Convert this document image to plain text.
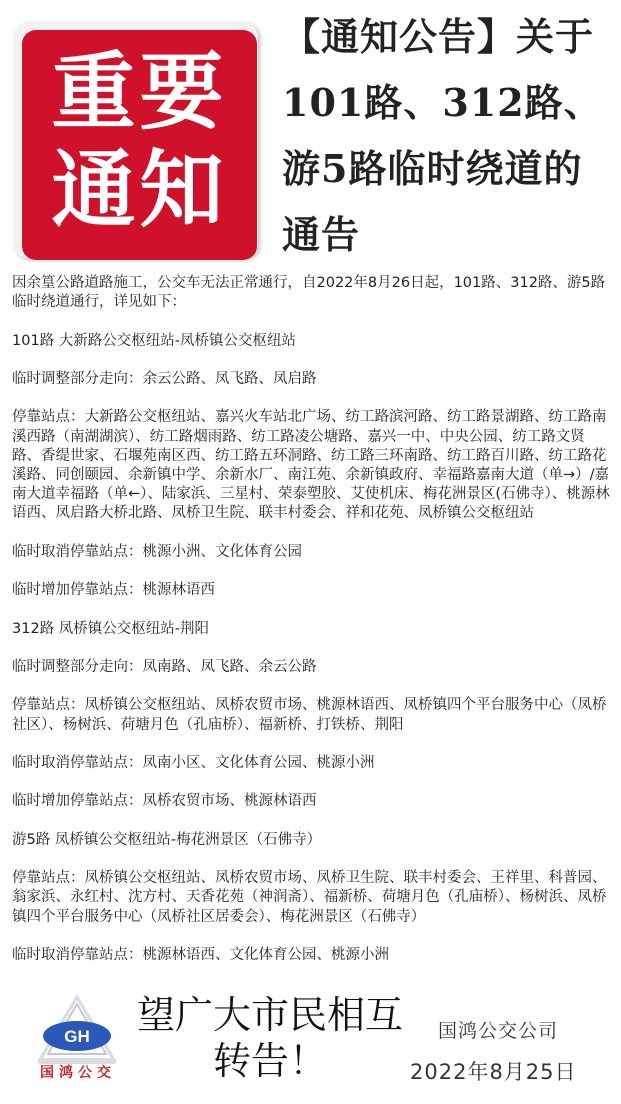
重要
通知
【通知公告】关于101路、312路、游5路临时绕道的通告

因余篁公路道路施工，公交车无法正常通行，自2022年8月26日起，101路、312路、游5路临时绕道通行，详见如下：

101路 大新路公交枢纽站-凤桥镇公交枢纽站

临时调整部分走向：余云公路、凤飞路、凤启路

停靠站点：大新路公交枢纽站、嘉兴火车站北广场、纺工路滨河路、纺工路景湖路、纺工路南溪西路（南湖湖滨）、纺工路烟雨路、纺工路凌公塘路、嘉兴一中、中央公园、纺工路文贤路、香缇世家、石堰苑南区西、纺工路五环洞路、纺工路三环南路、纺工路百川路、纺工路花溪路、同创颐园、余新镇中学、余新水厂、南江苑、余新镇政府、幸福路嘉南大道（单→）/嘉南大道幸福路（单←）、陆家浜、三星村、荣泰塑胶、艾使机床、梅花洲景区(石佛寺）、桃源林语西、凤启路大桥北路、凤桥卫生院、联丰村委会、祥和花苑、凤桥镇公交枢纽站

临时取消停靠站点：桃源小洲、文化体育公园

临时增加停靠站点：桃源林语西

312路 凤桥镇公交枢纽站-荆阳

临时调整部分走向：凤南路、凤飞路、余云公路

停靠站点：凤桥镇公交枢纽站、凤桥农贸市场、桃源林语西、凤桥镇四个平台服务中心（凤桥社区）、杨树浜、荷塘月色（孔庙桥）、福新桥、打铁桥、荆阳

临时取消停靠站点：凤南小区、文化体育公园、桃源小洲

临时增加停靠站点：凤桥农贸市场、桃源林语西

游5路 凤桥镇公交枢纽站-梅花洲景区（石佛寺）

停靠站点：凤桥镇公交枢纽站、凤桥农贸市场、凤桥卫生院、联丰村委会、王祥里、科普园、翁家浜、永红村、沈方村、天香花苑（神润斋）、福新桥、荷塘月色（孔庙桥）、杨树浜、凤桥镇四个平台服务中心（凤桥社区居委会）、梅花洲景区（石佛寺）

临时取消停靠站点：桃源林语西、文化体育公园、桃源小洲

GH
国鸿公交
望广大市民相互
转告！
国鸿公交公司
2022年8月25日
